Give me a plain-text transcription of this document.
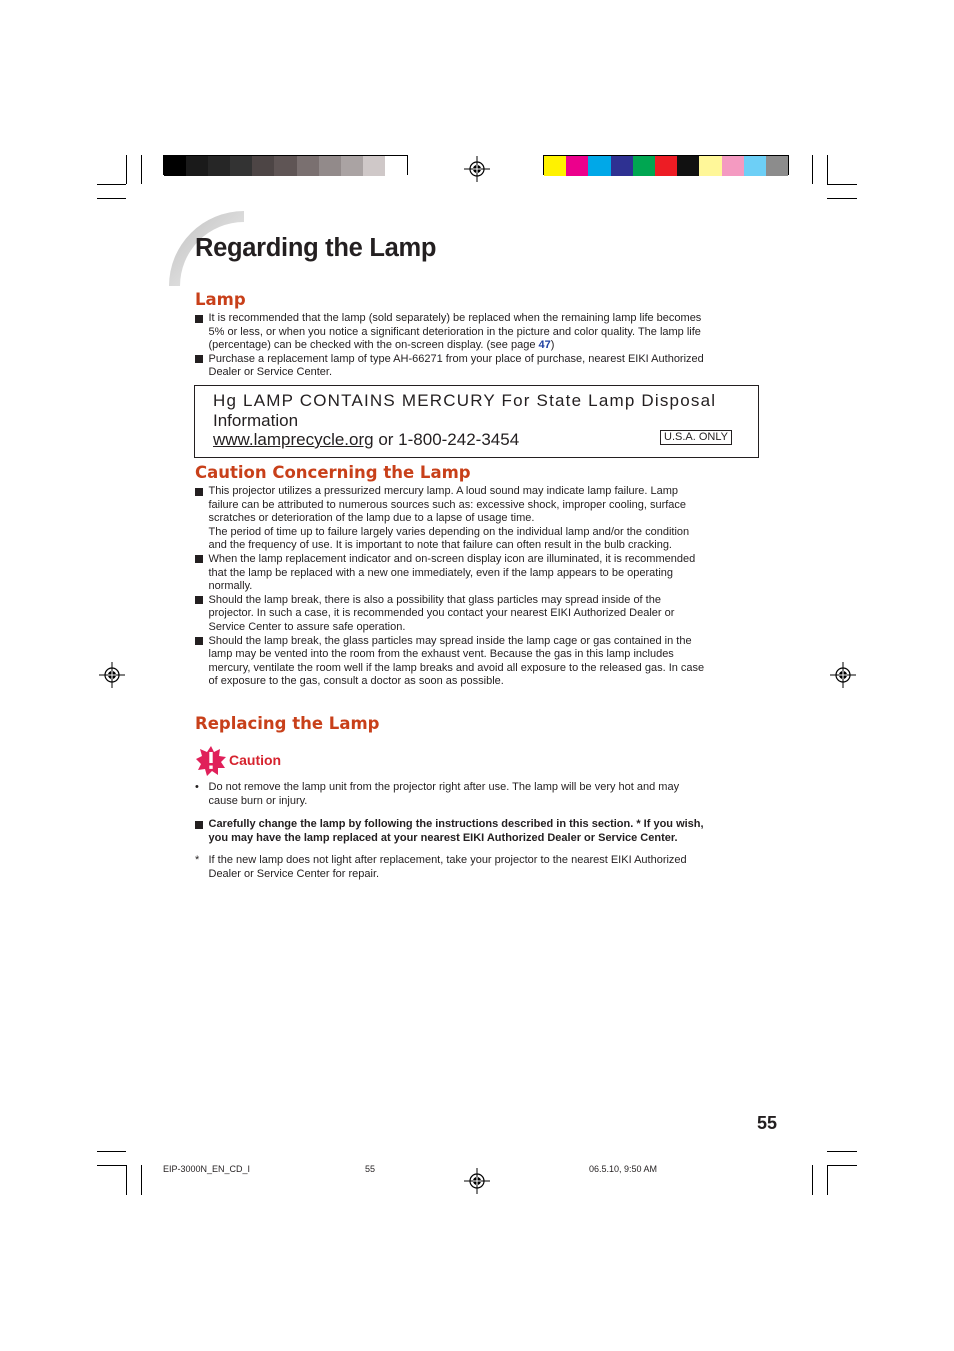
Regarding the Lamp
Lamp
It is recommended that the lamp (sold separately) be replaced when the remaining lamp life becomes
5% or less, or when you notice a significant deterioration in the picture and color quality. The lamp life
(percentage) can be checked with the on-screen display. (see page 47)
Purchase a replacement lamp of type AH-66271 from your place of purchase, nearest EIKI Authorized
Dealer or Service Center.
Hg LAMP CONTAINS MERCURY For State Lamp Disposal
Information
www.lamprecycle.org or 1-800-242-3454	U.S.A. ONLY
Caution Concerning the Lamp
This projector utilizes a pressurized mercury lamp. A loud sound may indicate lamp failure. Lamp
failure can be attributed to numerous sources such as: excessive shock, improper cooling, surface
scratches or deterioration of the lamp due to a lapse of usage time.
The period of time up to failure largely varies depending on the individual lamp and/or the condition
and the frequency of use. It is important to note that failure can often result in the bulb cracking.
When the lamp replacement indicator and on-screen display icon are illuminated, it is recommended
that the lamp be replaced with a new one immediately, even if the lamp appears to be operating
normally.
Should the lamp break, there is also a possibility that glass particles may spread inside of the
projector. In such a case, it is recommended you contact your nearest EIKI Authorized Dealer or
Service Center to assure safe operation.
Should the lamp break, the glass particles may spread inside the lamp cage or gas contained in the
lamp may be vented into the room from the exhaust vent. Because the gas in this lamp includes
mercury, ventilate the room well if the lamp breaks and avoid all exposure to the released gas. In case
of exposure to the gas, consult a doctor as soon as possible.
Replacing the Lamp
Caution
• Do not remove the lamp unit from the projector right after use. The lamp will be very hot and may
cause burn or injury.
Carefully change the lamp by following the instructions described in this section. * If you wish,
you may have the lamp replaced at your nearest EIKI Authorized Dealer or Service Center.
* If the new lamp does not light after replacement, take your projector to the nearest EIKI Authorized
Dealer or Service Center for repair.
55
EIP-3000N_EN_CD_I	55	06.5.10, 9:50 AM
